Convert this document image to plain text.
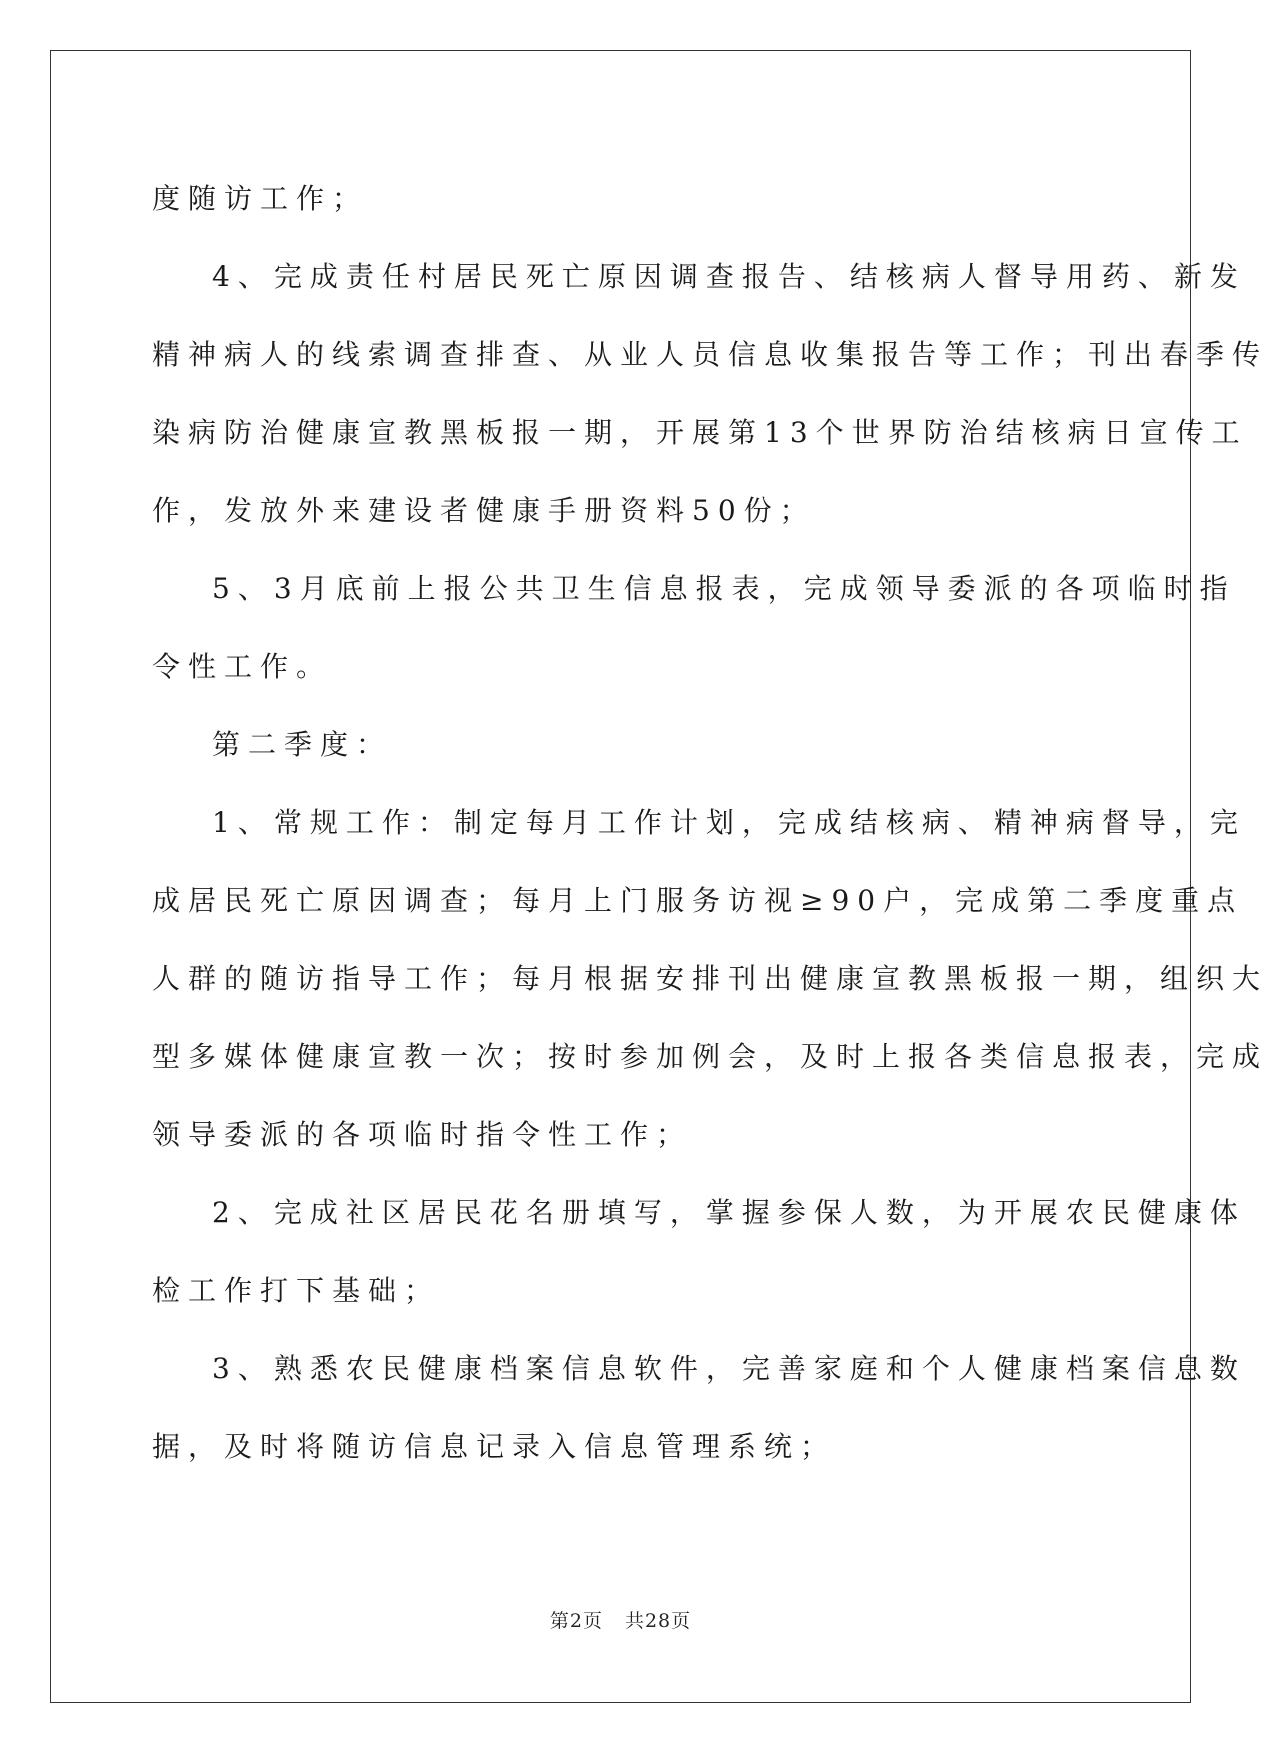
度随访工作；
4、完成责任村居民死亡原因调查报告、结核病人督导用药、新发
精神病人的线索调查排查、从业人员信息收集报告等工作；刊出春季传
染病防治健康宣教黑板报一期，开展第13个世界防治结核病日宣传工
作，发放外来建设者健康手册资料50份；
5、3月底前上报公共卫生信息报表，完成领导委派的各项临时指
令性工作。
第二季度：
1、常规工作：制定每月工作计划，完成结核病、精神病督导，完
成居民死亡原因调查；每月上门服务访视≥90户，完成第二季度重点
人群的随访指导工作；每月根据安排刊出健康宣教黑板报一期，组织大
型多媒体健康宣教一次；按时参加例会，及时上报各类信息报表，完成
领导委派的各项临时指令性工作；
2、完成社区居民花名册填写，掌握参保人数，为开展农民健康体
检工作打下基础；
3、熟悉农民健康档案信息软件，完善家庭和个人健康档案信息数
据，及时将随访信息记录入信息管理系统；
第2页 共28页
